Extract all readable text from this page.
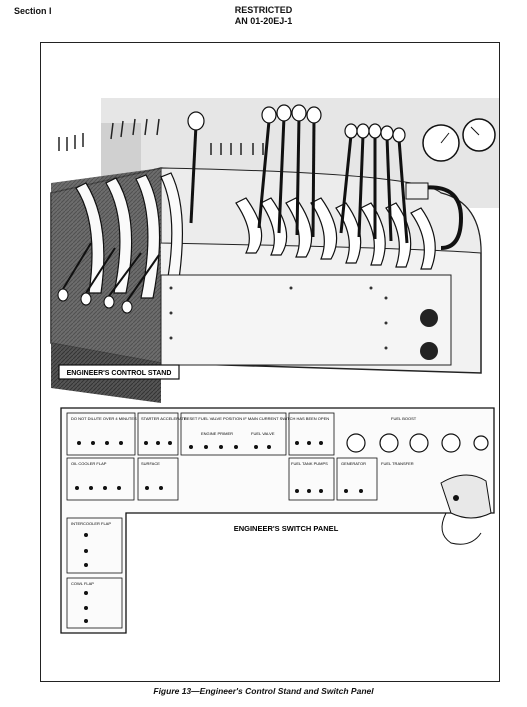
Section I	RESTRICTED
AN 01-20EJ-1
ENGINEER'S CONTROL STAND
DO NOT DILUTE OVER 4 MINUTES STARTER ACCELERATE
RESET FUEL VALVE POSITION IF MAIN CURRENT SWITCH HAS BEEN OPEN
ENGINE PRIMER	FUEL VALVE
FUEL BOOST
OIL COOLER FLAP	SURFACE	FUEL TANK PUMPS	GENERATOR	FUEL TRANSFER
INTERCOOLER FLAP
COWL FLAP
ENGINEER'S SWITCH PANEL
Figure 13—Engineer's Control Stand and Switch Panel
